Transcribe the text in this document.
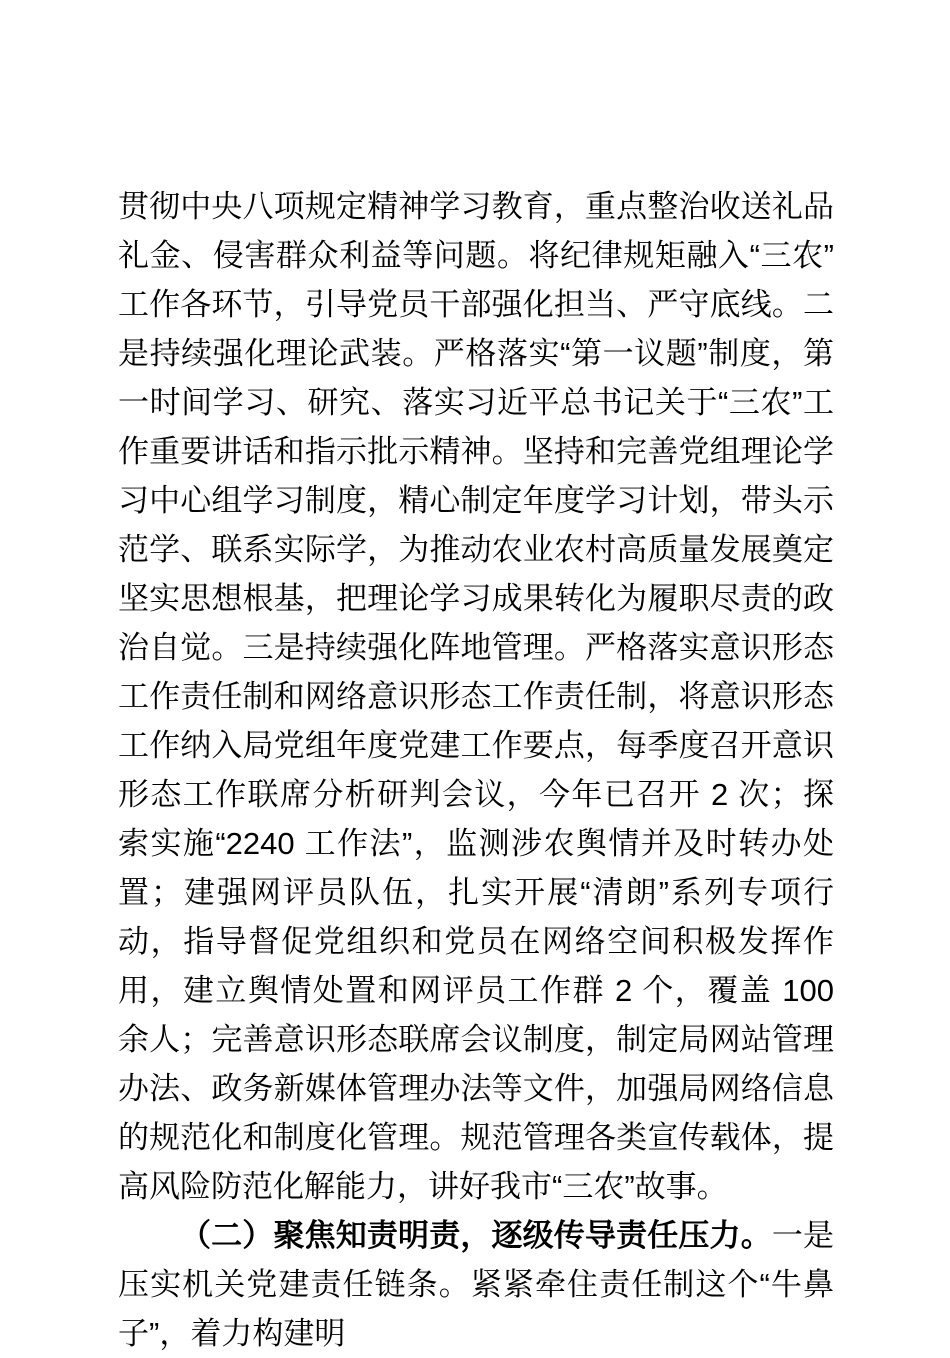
贯彻中央八项规定精神学习教育，重点整治收送礼品礼金、侵害群众利益等问题。将纪律规矩融入“三农”工作各环节，引导党员干部强化担当、严守底线。二是持续强化理论武装。严格落实“第一议题”制度，第一时间学习、研究、落实习近平总书记关于“三农”工作重要讲话和指示批示精神。坚持和完善党组理论学习中心组学习制度，精心制定年度学习计划，带头示范学、联系实际学，为推动农业农村高质量发展奠定坚实思想根基，把理论学习成果转化为履职尽责的政治自觉。三是持续强化阵地管理。严格落实意识形态工作责任制和网络意识形态工作责任制，将意识形态工作纳入局党组年度党建工作要点，每季度召开意识形态工作联席分析研判会议，今年已召开 2 次；探索实施“2240 工作法”，监测涉农舆情并及时转办处置；建强网评员队伍，扎实开展“清朗”系列专项行动，指导督促党组织和党员在网络空间积极发挥作用，建立舆情处置和网评员工作群 2 个，覆盖 100 余人；完善意识形态联席会议制度，制定局网站管理办法、政务新媒体管理办法等文件，加强局网络信息的规范化和制度化管理。规范管理各类宣传载体，提高风险防范化解能力，讲好我市“三农”故事。

（二）聚焦知责明责，逐级传导责任压力。一是压实机关党建责任链条。紧紧牵住责任制这个“牛鼻子”，着力构建明
